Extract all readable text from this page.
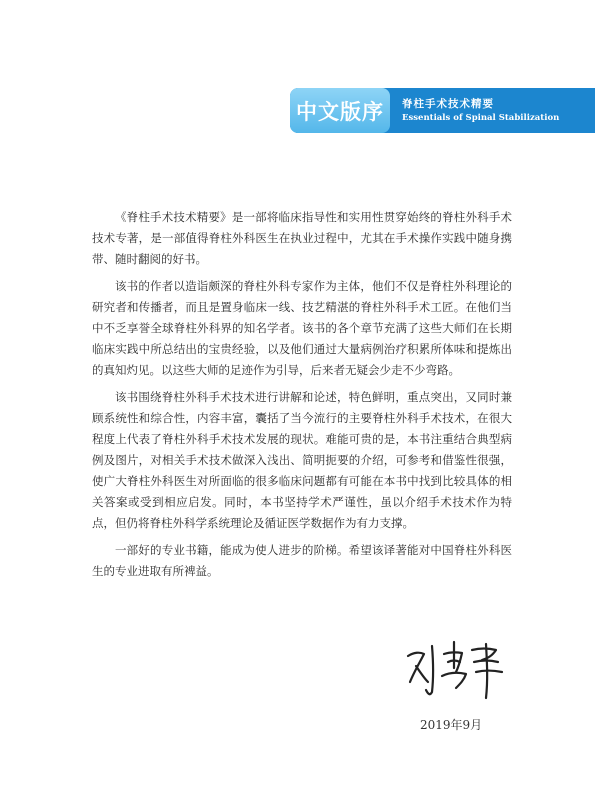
中文版序 脊柱手术技术精要
Essentials of Spinal Stabilization

《脊柱手术技术精要》是一部将临床指导性和实用性贯穿始终的脊柱外科手术技术专著，是一部值得脊柱外科医生在执业过程中，尤其在手术操作实践中随身携带、随时翻阅的好书。

该书的作者以造诣颇深的脊柱外科专家作为主体，他们不仅是脊柱外科理论的研究者和传播者，而且是置身临床一线、技艺精湛的脊柱外科手术工匠。在他们当中不乏享誉全球脊柱外科界的知名学者。该书的各个章节充满了这些大师们在长期临床实践中所总结出的宝贵经验，以及他们通过大量病例治疗积累所体味和提炼出的真知灼见。以这些大师的足迹作为引导，后来者无疑会少走不少弯路。

该书围绕脊柱外科手术技术进行讲解和论述，特色鲜明，重点突出，又同时兼顾系统性和综合性，内容丰富，囊括了当今流行的主要脊柱外科手术技术，在很大程度上代表了脊柱外科手术技术发展的现状。难能可贵的是，本书注重结合典型病例及图片，对相关手术技术做深入浅出、简明扼要的介绍，可参考和借鉴性很强，使广大脊柱外科医生对所面临的很多临床问题都有可能在本书中找到比较具体的相关答案或受到相应启发。同时，本书坚持学术严谨性，虽以介绍手术技术作为特点，但仍将脊柱外科学系统理论及循证医学数据作为有力支撑。

一部好的专业书籍，能成为使人进步的阶梯。希望该译著能对中国脊柱外科医生的专业进取有所裨益。

2019年9月
